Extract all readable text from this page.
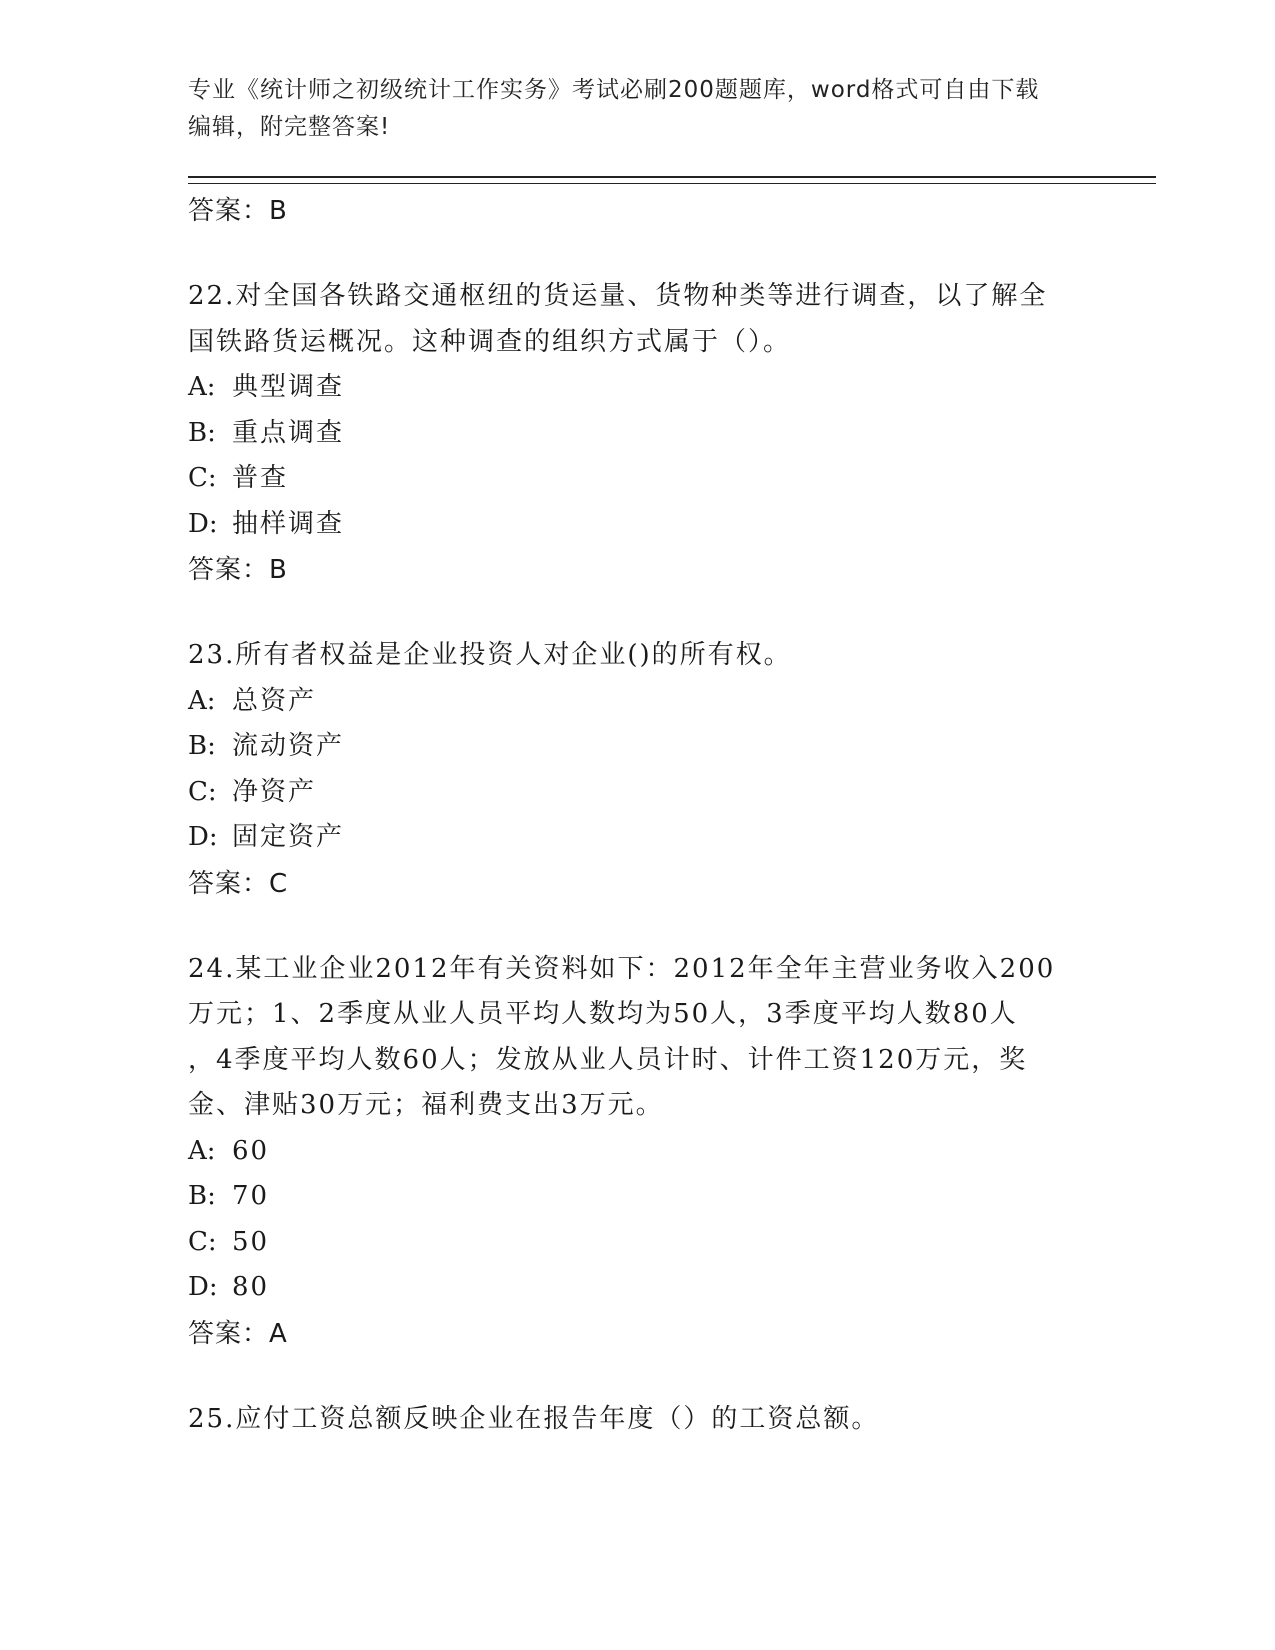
专业《统计师之初级统计工作实务》考试必刷200题题库，word格式可自由下载
编辑，附完整答案!
答案：B
22.对全国各铁路交通枢纽的货运量、货物种类等进行调查，以了解全
国铁路货运概况。这种调查的组织方式属于（）。
A: 典型调查
B: 重点调查
C: 普查
D: 抽样调查
答案：B
23.所有者权益是企业投资人对企业()的所有权。
A: 总资产
B: 流动资产
C: 净资产
D: 固定资产
答案：C
24.某工业企业2012年有关资料如下：2012年全年主营业务收入200
万元；1、2季度从业人员平均人数均为50人，3季度平均人数80人
，4季度平均人数60人；发放从业人员计时、计件工资120万元，奖
金、津贴30万元；福利费支出3万元。
A: 60
B: 70
C: 50
D: 80
答案：A
25.应付工资总额反映企业在报告年度（）的工资总额。
